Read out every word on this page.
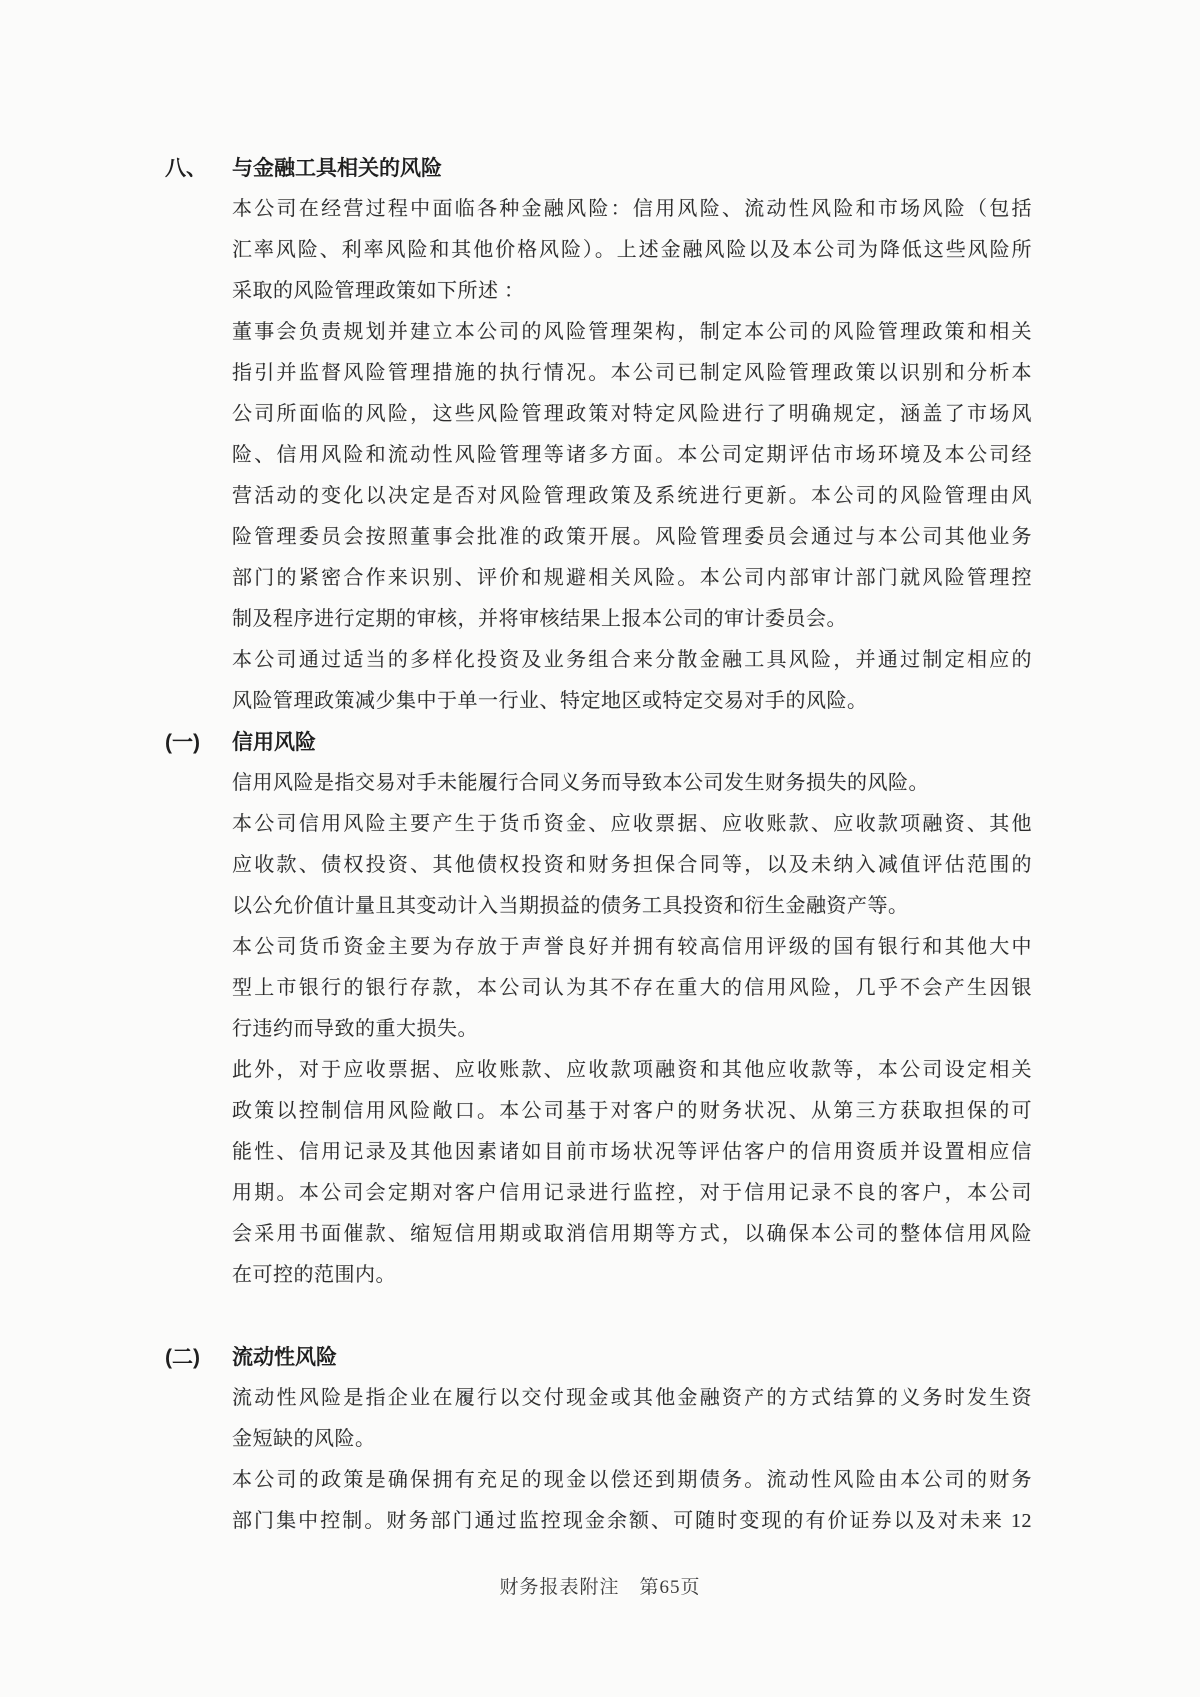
八、	与金融工具相关的风险
本公司在经营过程中面临各种金融风险：信用风险、流动性风险和市场风险（包括
汇率风险、利率风险和其他价格风险）。上述金融风险以及本公司为降低这些风险所
采取的风险管理政策如下所述 ：
董事会负责规划并建立本公司的风险管理架构，制定本公司的风险管理政策和相关
指引并监督风险管理措施的执行情况。本公司已制定风险管理政策以识别和分析本
公司所面临的风险，这些风险管理政策对特定风险进行了明确规定，涵盖了市场风
险、信用风险和流动性风险管理等诸多方面。本公司定期评估市场环境及本公司经
营活动的变化以决定是否对风险管理政策及系统进行更新。本公司的风险管理由风
险管理委员会按照董事会批准的政策开展。风险管理委员会通过与本公司其他业务
部门的紧密合作来识别、评价和规避相关风险。本公司内部审计部门就风险管理控
制及程序进行定期的审核，并将审核结果上报本公司的审计委员会。
本公司通过适当的多样化投资及业务组合来分散金融工具风险，并通过制定相应的
风险管理政策减少集中于单一行业、特定地区或特定交易对手的风险。
(一)	信用风险
信用风险是指交易对手未能履行合同义务而导致本公司发生财务损失的风险。
本公司信用风险主要产生于货币资金、应收票据、应收账款、应收款项融资、其他
应收款、债权投资、其他债权投资和财务担保合同等，以及未纳入减值评估范围的
以公允价值计量且其变动计入当期损益的债务工具投资和衍生金融资产等。
本公司货币资金主要为存放于声誉良好并拥有较高信用评级的国有银行和其他大中
型上市银行的银行存款，本公司认为其不存在重大的信用风险，几乎不会产生因银
行违约而导致的重大损失。
此外，对于应收票据、应收账款、应收款项融资和其他应收款等，本公司设定相关
政策以控制信用风险敞口。本公司基于对客户的财务状况、从第三方获取担保的可
能性、信用记录及其他因素诸如目前市场状况等评估客户的信用资质并设置相应信
用期。本公司会定期对客户信用记录进行监控，对于信用记录不良的客户，本公司
会采用书面催款、缩短信用期或取消信用期等方式，以确保本公司的整体信用风险
在可控的范围内。
(二)	流动性风险
流动性风险是指企业在履行以交付现金或其他金融资产的方式结算的义务时发生资
金短缺的风险。
本公司的政策是确保拥有充足的现金以偿还到期债务。流动性风险由本公司的财务
部门集中控制。财务部门通过监控现金余额、可随时变现的有价证券以及对未来 12
财务报表附注　第65页
